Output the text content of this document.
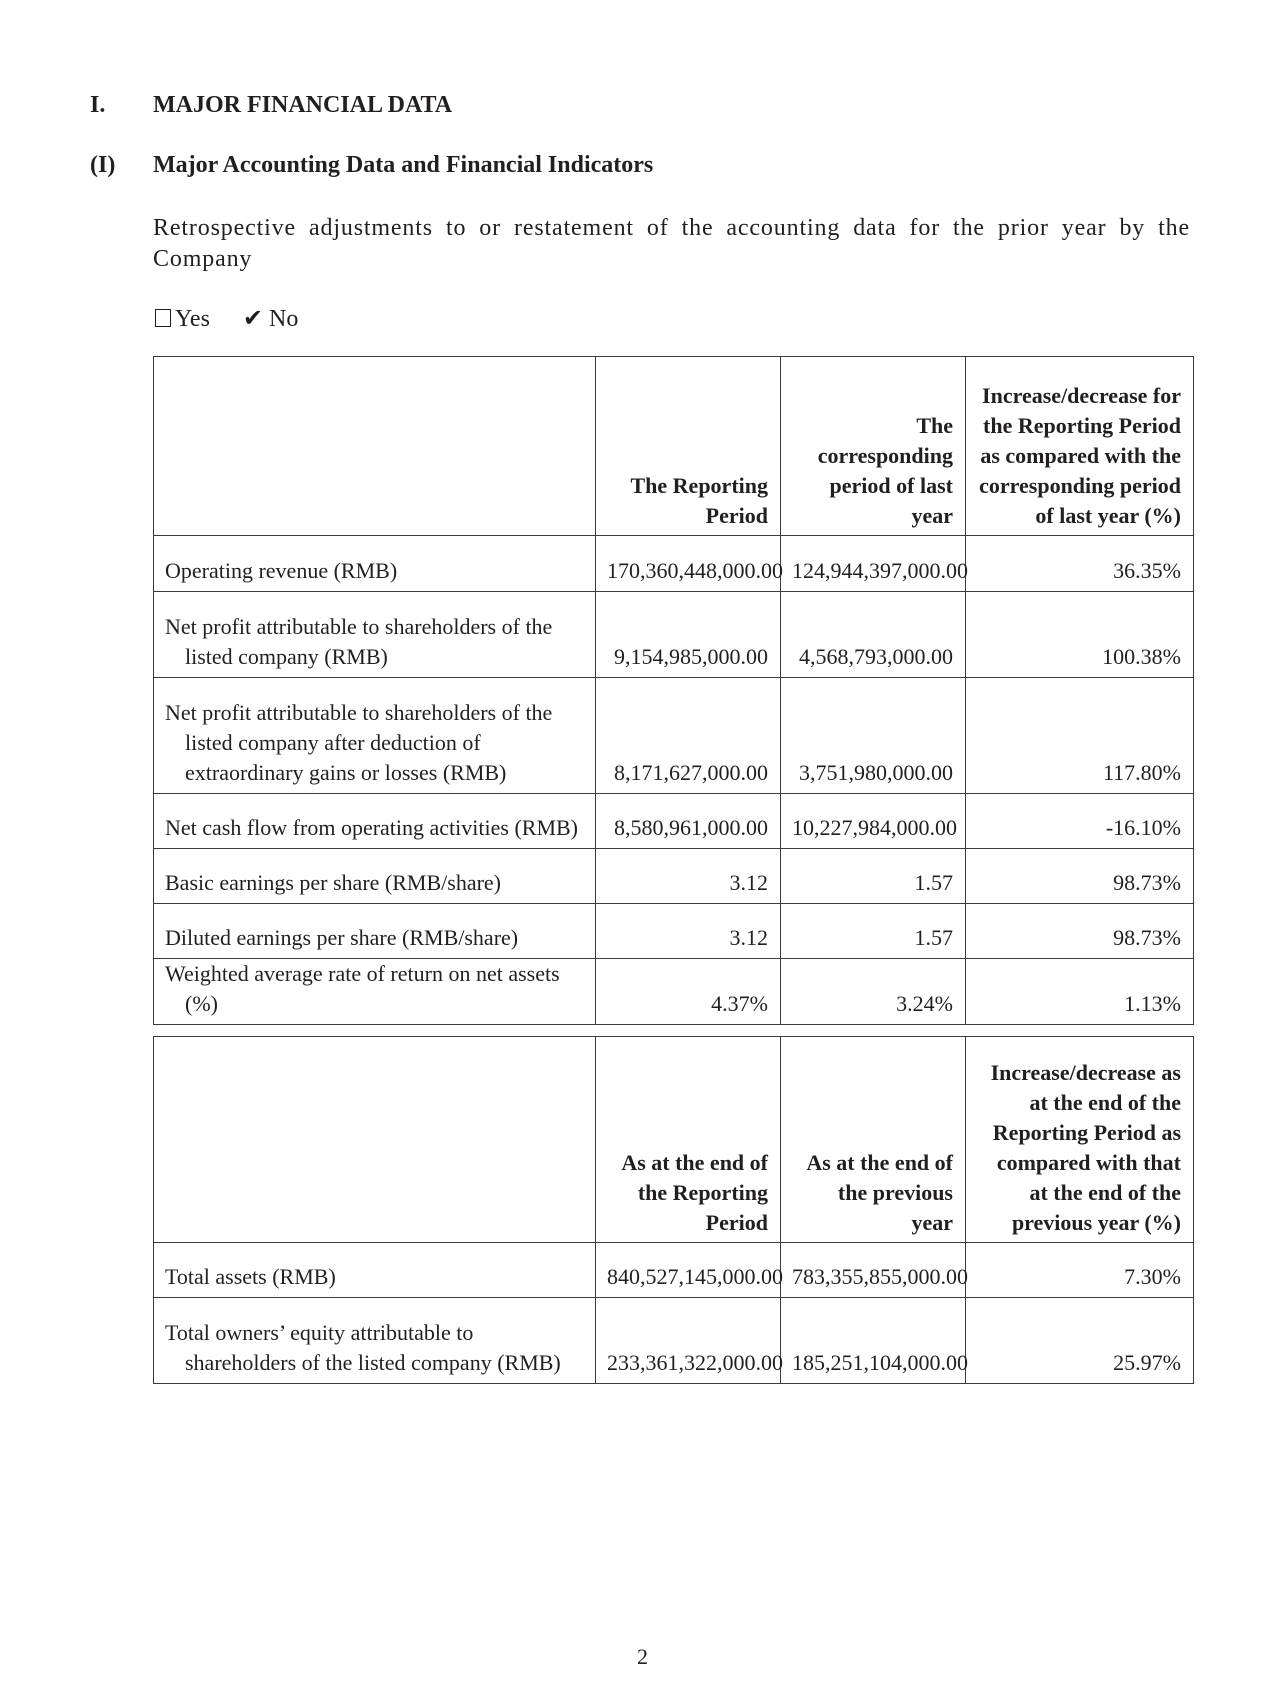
I. MAJOR FINANCIAL DATA
(I) Major Accounting Data and Financial Indicators
Retrospective adjustments to or restatement of the accounting data for the prior year by the Company
Yes ✔ No
	The Reporting Period	The corresponding period of last year	Increase/decrease for the Reporting Period as compared with the corresponding period of last year (%)

Operating revenue (RMB)	170,360,448,000.00	124,944,397,000.00	36.35%

Net profit attributable to shareholders of the listed company (RMB)	9,154,985,000.00	4,568,793,000.00	100.38%

Net profit attributable to shareholders of the listed company after deduction of extraordinary gains or losses (RMB)	8,171,627,000.00	3,751,980,000.00	117.80%

Net cash flow from operating activities (RMB)	8,580,961,000.00	10,227,984,000.00	-16.10%

Basic earnings per share (RMB/share)	3.12	1.57	98.73%

Diluted earnings per share (RMB/share)	3.12	1.57	98.73%

Weighted average rate of return on net assets (%)	4.37%	3.24%	1.13%
	As at the end of the Reporting Period	As at the end of the previous year	Increase/decrease as at the end of the Reporting Period as compared with that at the end of the previous year (%)

Total assets (RMB)	840,527,145,000.00	783,355,855,000.00	7.30%

Total owners’ equity attributable to shareholders of the listed company (RMB)	233,361,322,000.00	185,251,104,000.00	25.97%
2
